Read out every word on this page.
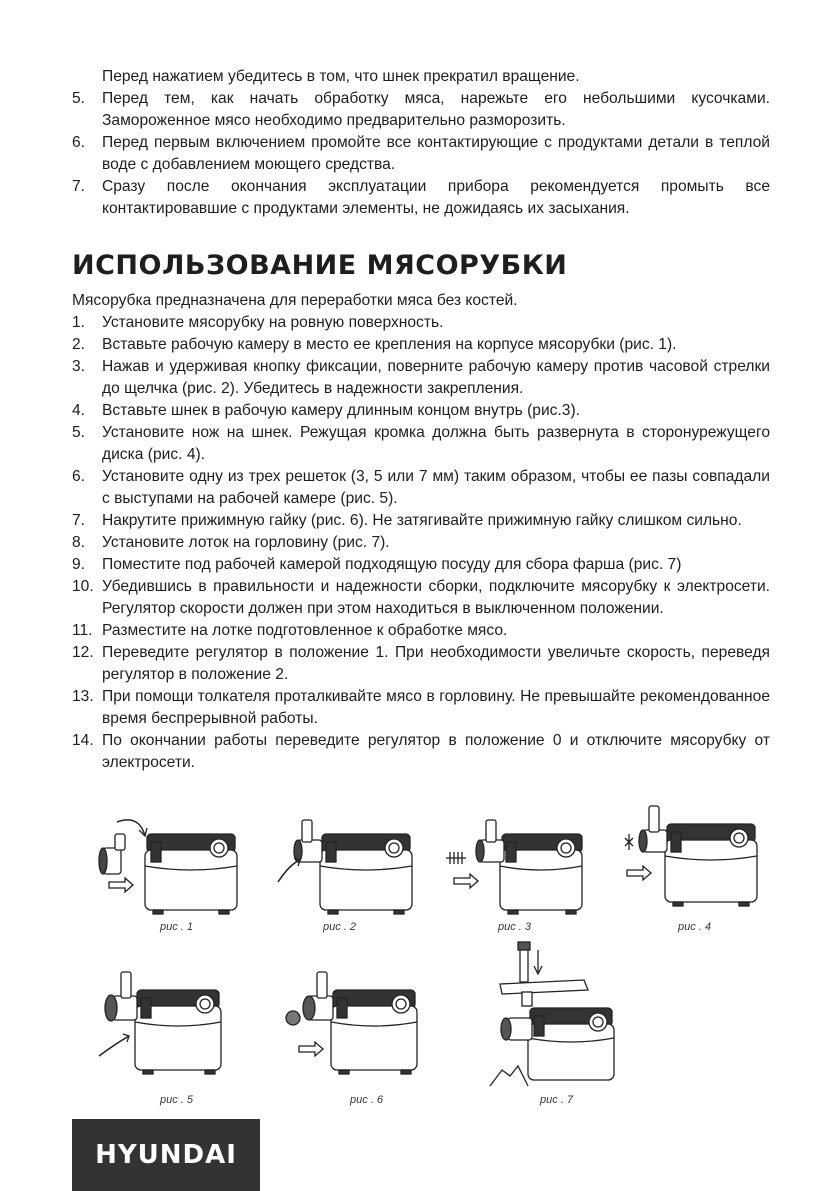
Перед нажатием убедитесь в том, что шнек прекратил вращение.
5. Перед тем, как начать обработку мяса, нарежьте его небольшими кусочками. Замороженное мясо необходимо предварительно разморозить.
6. Перед первым включением промойте все контактирующие с продуктами детали в теплой воде с добавлением моющего средства.
7. Сразу после окончания эксплуатации прибора рекомендуется промыть все контактировавшие с продуктами элементы, не дожидаясь их засыхания.
ИСПОЛЬЗОВАНИЕ МЯСОРУБКИ
Мясорубка предназначена для переработки мяса без костей.
1. Установите мясорубку на ровную поверхность.
2. Вставьте рабочую камеру в место ее крепления на корпусе мясорубки (рис. 1).
3. Нажав и удерживая кнопку фиксации, поверните рабочую камеру против часовой стрелки до щелчка (рис. 2). Убедитесь в надежности закрепления.
4. Вставьте шнек в рабочую камеру длинным концом внутрь (рис.3).
5. Установите нож на шнек. Режущая кромка должна быть развернута в сторонурежущего диска (рис. 4).
6. Установите одну из трех решеток (3, 5 или 7 мм) таким образом, чтобы ее пазы совпадали с выступами на рабочей камере (рис. 5).
7. Накрутите прижимную гайку (рис. 6). Не затягивайте прижимную гайку слишком сильно.
8. Установите лоток на горловину (рис. 7).
9. Поместите под рабочей камерой подходящую посуду для сбора фарша (рис. 7)
10. Убедившись в правильности и надежности сборки, подключите мясорубку к электросети. Регулятор скорости должен при этом находиться в выключенном положении.
11. Разместите на лотке подготовленное к обработке мясо.
12. Переведите регулятор в положение 1. При необходимости увеличьте скорость, переведя регулятор в положение 2.
13. При помощи толкателя проталкивайте мясо в горловину. Не превышайте рекомендованное время беспрерывной работы.
14. По окончании работы переведите регулятор в положение 0 и отключите мясорубку от электросети.
рис . 1	рис . 2	рис . 3	рис . 4
рис . 5	рис . 6	рис . 7
HYUNDAI
